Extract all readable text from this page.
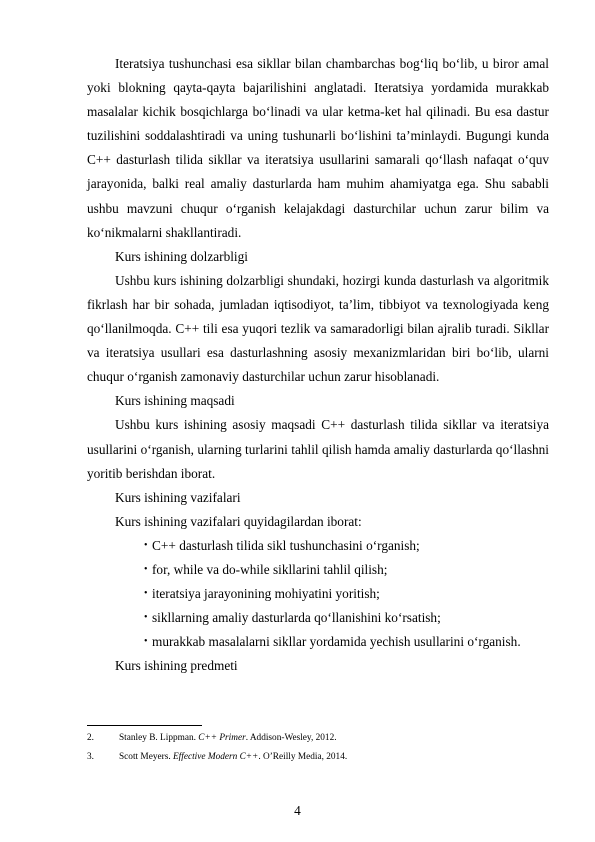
Iteratsiya tushunchasi esa sikllar bilan chambarchas bog‘liq bo‘lib, u biror amal yoki blokning qayta-qayta bajarilishini anglatadi. Iteratsiya yordamida murakkab masalalar kichik bosqichlarga bo‘linadi va ular ketma-ket hal qilinadi. Bu esa dastur tuzilishini soddalashtiradi va uning tushunarli bo‘lishini ta’minlaydi. Bugungi kunda C++ dasturlash tilida sikllar va iteratsiya usullarini samarali qo‘llash nafaqat o‘quv jarayonida, balki real amaliy dasturlarda ham muhim ahamiyatga ega. Shu sababli ushbu mavzuni chuqur o‘rganish kelajakdagi dasturchilar uchun zarur bilim va ko‘nikmalarni shakllantiradi.

Kurs ishining dolzarbligi

Ushbu kurs ishining dolzarbligi shundaki, hozirgi kunda dasturlash va algoritmik fikrlash har bir sohada, jumladan iqtisodiyot, ta’lim, tibbiyot va texnologiyada keng qo‘llanilmoqda. C++ tili esa yuqori tezlik va samaradorligi bilan ajralib turadi. Sikllar va iteratsiya usullari esa dasturlashning asosiy mexanizmlaridan biri bo‘lib, ularni chuqur o‘rganish zamonaviy dasturchilar uchun zarur hisoblanadi.

Kurs ishining maqsadi

Ushbu kurs ishining asosiy maqsadi C++ dasturlash tilida sikllar va iteratsiya usullarini o‘rganish, ularning turlarini tahlil qilish hamda amaliy dasturlarda qo‘llashni yoritib berishdan iborat.

Kurs ishining vazifalari

Kurs ishining vazifalari quyidagilardan iborat:

• C++ dasturlash tilida sikl tushunchasini o‘rganish;
• for, while va do-while sikllarini tahlil qilish;
• iteratsiya jarayonining mohiyatini yoritish;
• sikllarning amaliy dasturlarda qo‘llanishini ko‘rsatish;
• murakkab masalalarni sikllar yordamida yechish usullarini o‘rganish.

Kurs ishining predmeti

2.	Stanley B. Lippman. C++ Primer. Addison-Wesley, 2012.
3.	Scott Meyers. Effective Modern C++. O’Reilly Media, 2014.
4
